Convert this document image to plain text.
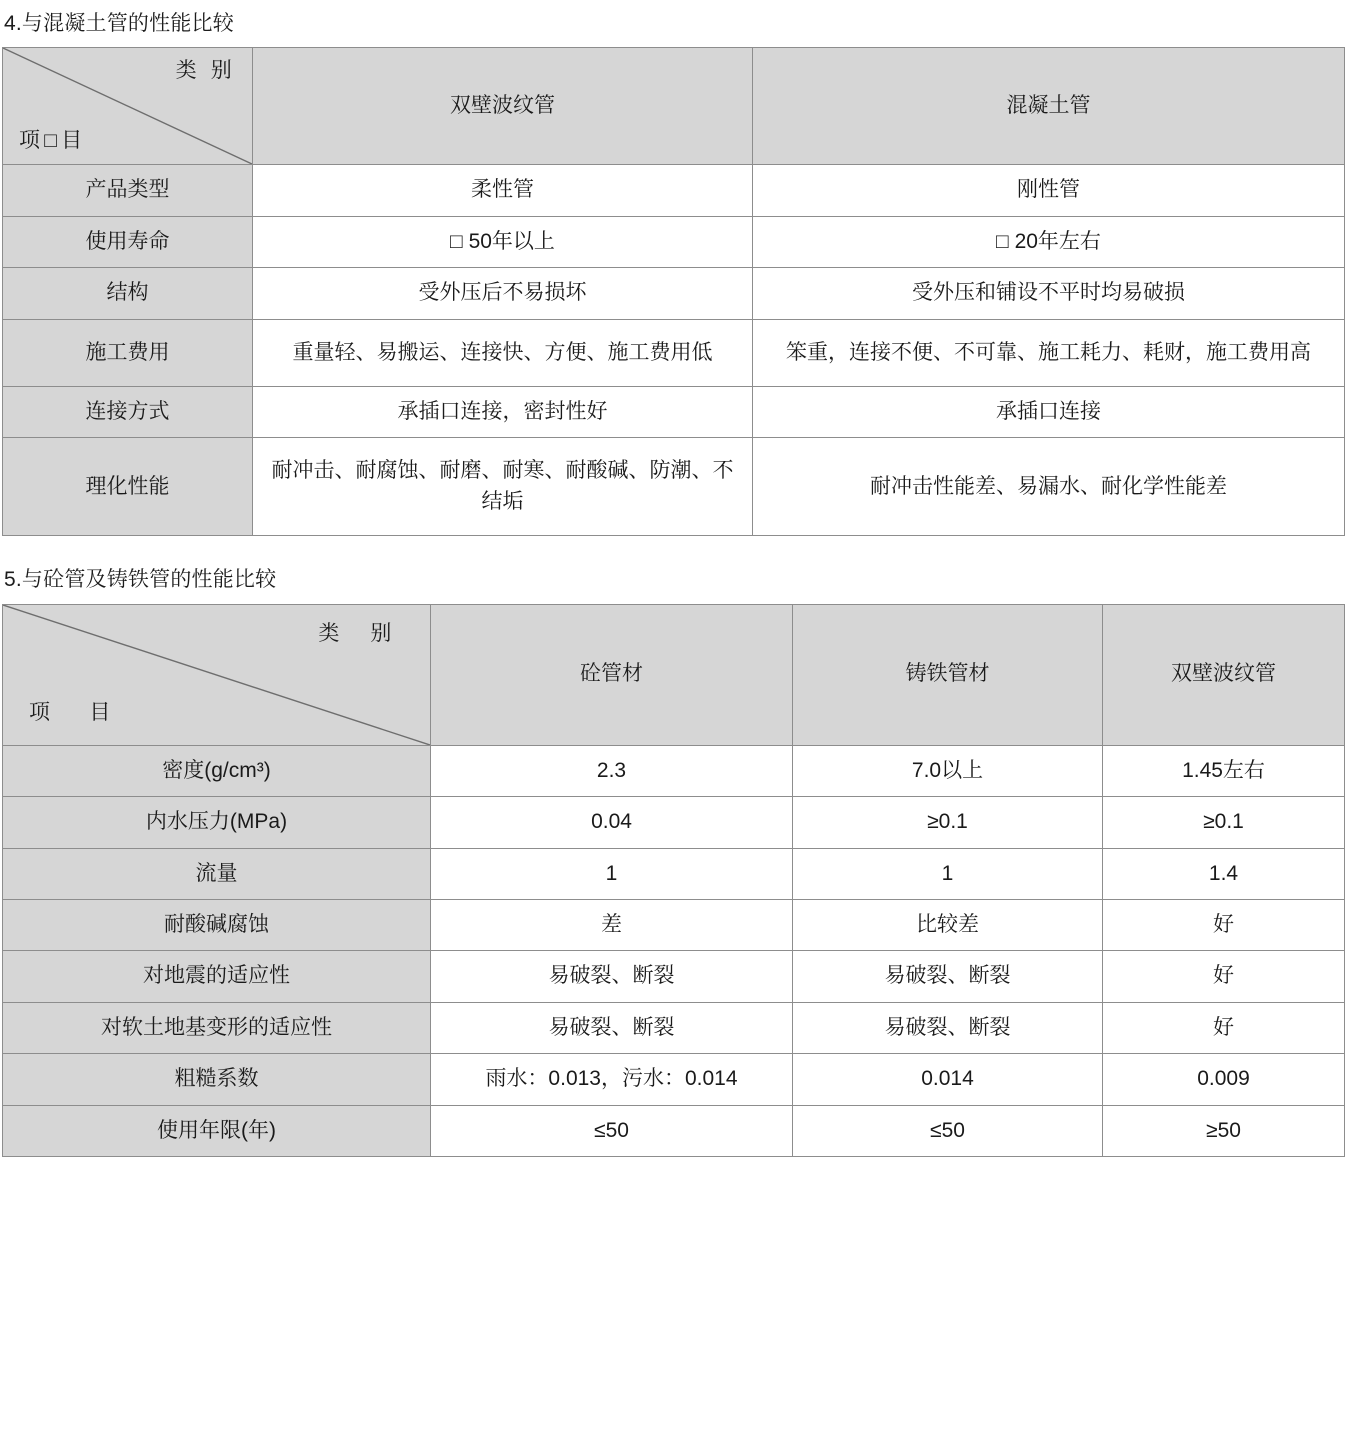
4.与混凝土管的性能比较
类 别
项□目	双壁波纹管	混凝土管
产品类型	柔性管	刚性管
使用寿命	□ 50年以上	□ 20年左右
结构	受外压后不易损坏	受外压和铺设不平时均易破损
施工费用	重量轻、易搬运、连接快、方便、施工费用低	笨重，连接不便、不可靠、施工耗力、耗财，施工费用高
连接方式	承插口连接，密封性好	承插口连接
理化性能	耐冲击、耐腐蚀、耐磨、耐寒、耐酸碱、防潮、不结垢	耐冲击性能差、易漏水、耐化学性能差
5.与砼管及铸铁管的性能比较
类 别
项 目	砼管材	铸铁管材	双壁波纹管
密度(g/cm³)	2.3	7.0以上	1.45左右
内水压力(MPa)	0.04	≥0.1	≥0.1
流量	1	1	1.4
耐酸碱腐蚀	差	比较差	好
对地震的适应性	易破裂、断裂	易破裂、断裂	好
对软土地基变形的适应性	易破裂、断裂	易破裂、断裂	好
粗糙系数	雨水：0.013，污水：0.014	0.014	0.009
使用年限(年)	≤50	≤50	≥50
